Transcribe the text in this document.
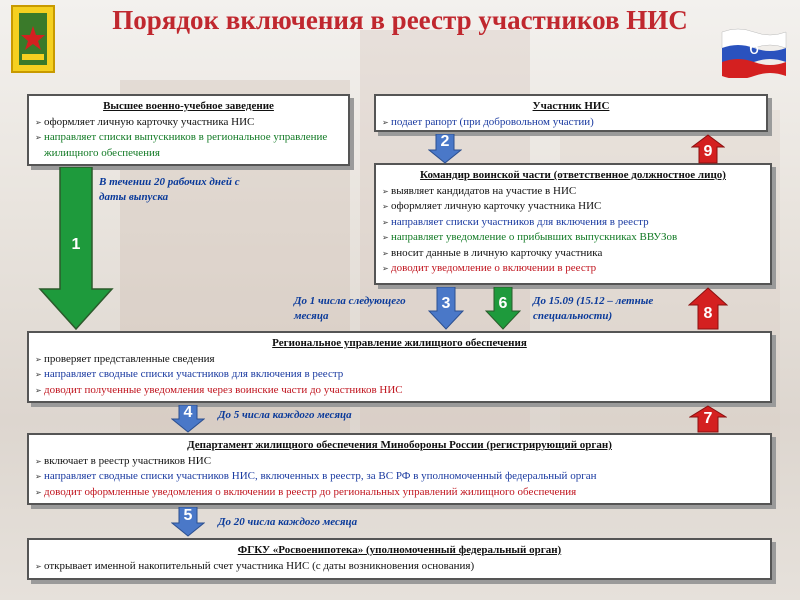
Порядок включения в реестр участников НИС
6
Высшее военно-учебное заведение
➢ оформляет личную карточку участника НИС
➢ направляет списки выпускников в региональное управление жилищного обеспечения
Участник НИС
➢ подает рапорт (при добровольном участии)
Командир воинской части (ответственное должностное лицо)
➢ выявляет кандидатов на участие в НИС
➢ оформляет личную карточку участника НИС
➢ направляет списки участников для включения в реестр
➢ направляет уведомление о прибывших выпускниках ВВУЗов
➢ вносит данные в личную карточку участника
➢ доводит уведомление о включении в реестр
Региональное управление жилищного обеспечения
➢ проверяет представленные сведения
➢ направляет сводные списки участников для включения в реестр
➢ доводит полученные уведомления через воинские части до участников НИС
Департамент жилищного обеспечения Минобороны России (регистрирующий орган)
➢ включает в реестр участников НИС
➢ направляет сводные списки участников НИС, включенных в реестр, за ВС РФ в уполномоченный федеральный орган
➢ доводит оформленные уведомления о включении в реестр до региональных управлений жилищного обеспечения
ФГКУ «Росвоенипотека» (уполномоченный федеральный орган)
➢ открывает именной накопительный счет участника НИС (с даты возникновения основания)
1
2
9
3	6
8
4	7
5
В течении 20 рабочих дней с даты выпуска
До 1 числа следующего месяца
До 15.09 (15.12 – летные специальности)
До 5 числа каждого месяца
До 20 числа каждого месяца
